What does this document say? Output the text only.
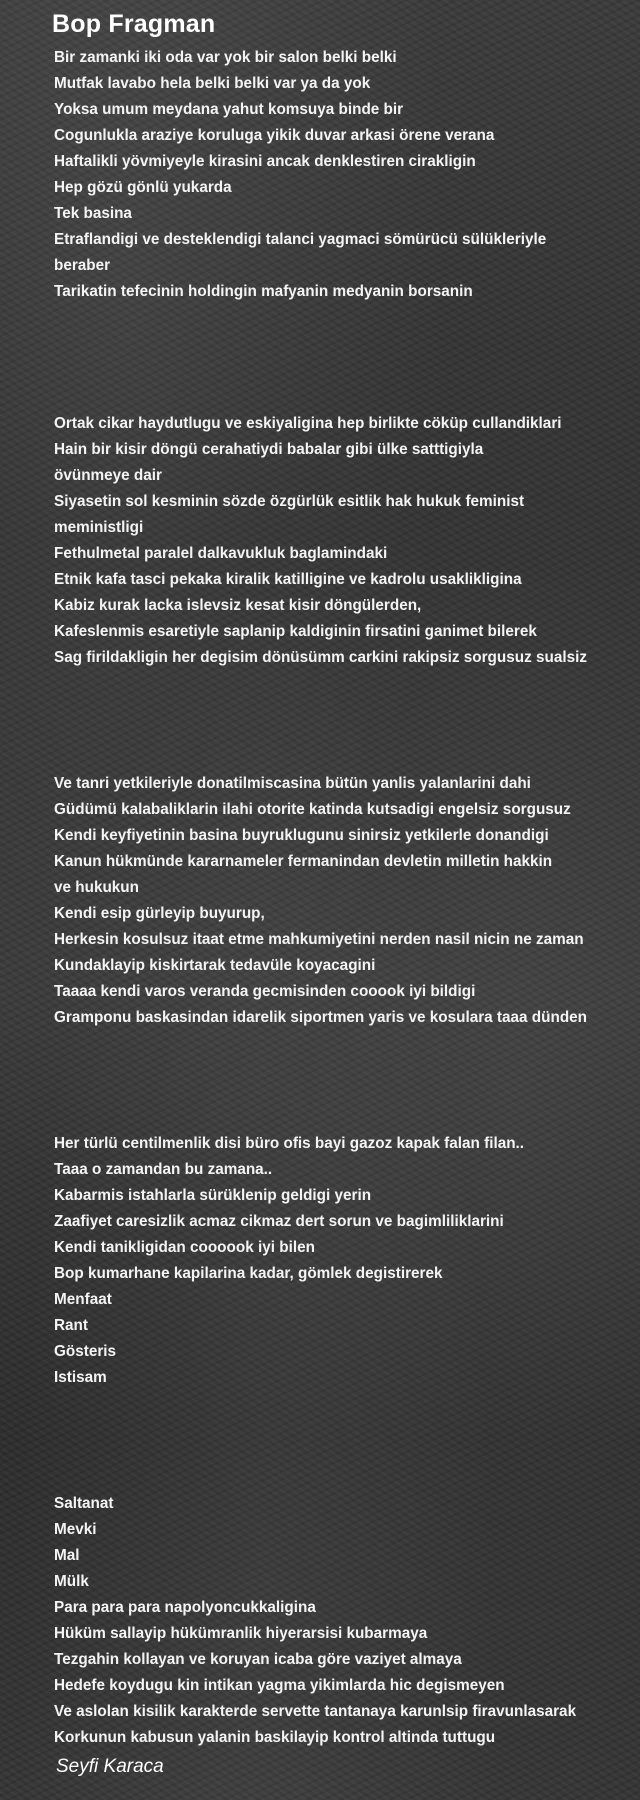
Bop Fragman
Bir zamanki iki oda var yok bir salon belki belki
Mutfak lavabo hela belki belki var ya da yok
Yoksa umum meydana yahut komsuya binde bir
Cogunlukla araziye koruluga yikik duvar arkasi örene verana
Haftalikli yövmiyeyle kirasini ancak denklestiren cirakligin
Hep gözü gönlü yukarda
Tek basina
Etraflandigi ve desteklendigi talanci yagmaci sömürücü sülükleriyle
beraber
Tarikatin tefecinin holdingin mafyanin medyanin borsanin
Ortak cikar haydutlugu ve eskiyaligina hep birlikte cöküp cullandiklari
Hain bir kisir döngü cerahatiydi babalar gibi ülke satttigiyla
övünmeye dair
Siyasetin sol kesminin sözde özgürlük esitlik hak hukuk feminist
meministligi
Fethulmetal paralel dalkavukluk baglamindaki
Etnik kafa tasci pekaka kiralik katilligine ve kadrolu usaklikligina
Kabiz kurak lacka islevsiz kesat kisir döngülerden,
Kafeslenmis esaretiyle saplanip kaldiginin firsatini ganimet bilerek
Sag firildakligin her degisim dönüsümm carkini rakipsiz sorgusuz sualsiz
Ve tanri yetkileriyle donatilmiscasina bütün yanlis yalanlarini dahi
Güdümü kalabaliklarin ilahi otorite katinda kutsadigi engelsiz sorgusuz
Kendi keyfiyetinin basina buyruklugunu sinirsiz yetkilerle donandigi
Kanun hükmünde kararnameler fermanindan devletin milletin hakkin
ve hukukun
Kendi esip gürleyip buyurup,
Herkesin kosulsuz itaat etme mahkumiyetini nerden nasil nicin ne zaman
Kundaklayip kiskirtarak tedavüle koyacagini
Taaaa kendi varos veranda gecmisinden cooook iyi bildigi
Gramponu baskasindan idarelik siportmen yaris ve kosulara taaa dünden
Her türlü centilmenlik disi büro ofis bayi gazoz kapak falan filan..
Taaa o zamandan bu zamana..
Kabarmis istahlarla sürüklenip geldigi yerin
Zaafiyet caresizlik acmaz cikmaz dert sorun ve bagimliliklarini
Kendi tanikligidan coooook iyi bilen
Bop kumarhane kapilarina kadar, gömlek degistirerek
Menfaat
Rant
Gösteris
Istisam
Saltanat
Mevki
Mal
Mülk
Para para para napolyoncukkaligina
Hüküm sallayip hükümranlik hiyerarsisi kubarmaya
Tezgahin kollayan ve koruyan icaba göre vaziyet almaya
Hedefe koydugu kin intikan yagma yikimlarda hic degismeyen
Ve aslolan kisilik karakterde servette tantanaya karunlsip firavunlasarak
Korkunun kabusun yalanin baskilayip kontrol altinda tuttugu
Seyfi Karaca
